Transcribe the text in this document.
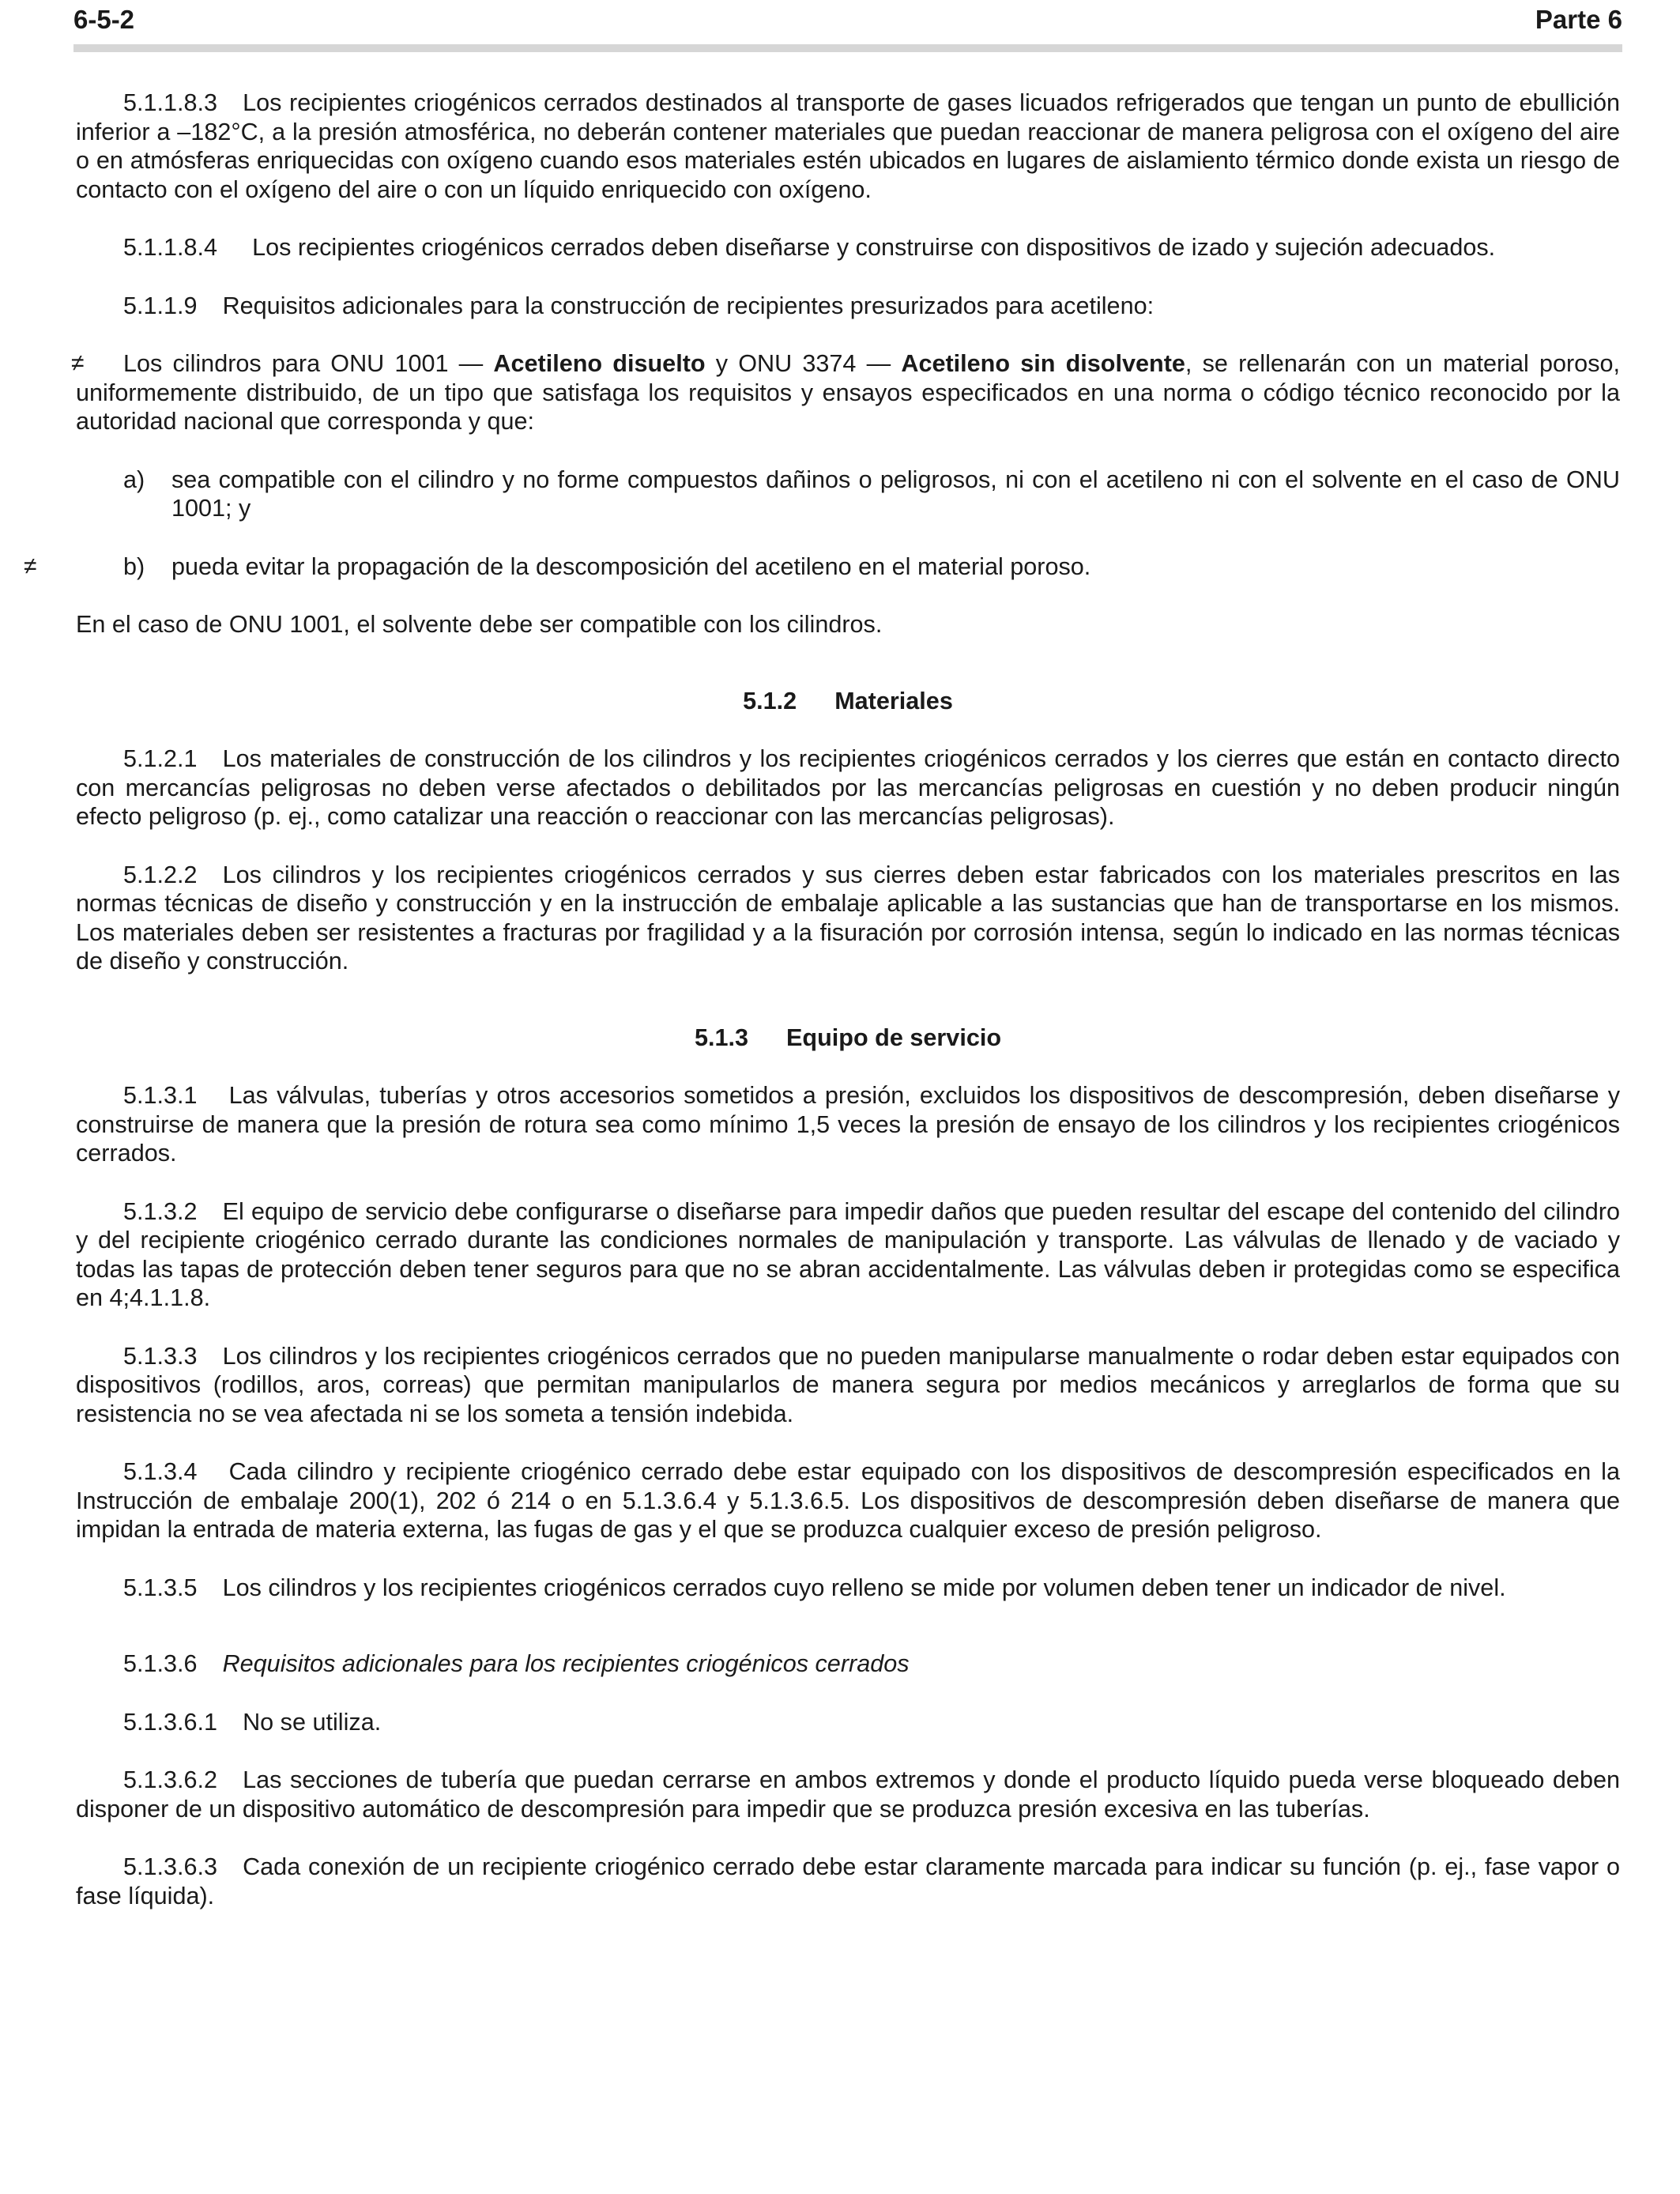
6-5-2	Parte 6

5.1.1.8.3 Los recipientes criogénicos cerrados destinados al transporte de gases licuados refrigerados que tengan un punto de ebullición inferior a –182°C, a la presión atmosférica, no deberán contener materiales que puedan reaccionar de manera peligrosa con el oxígeno del aire o en atmósferas enriquecidas con oxígeno cuando esos materiales estén ubicados en lugares de aislamiento térmico donde exista un riesgo de contacto con el oxígeno del aire o con un líquido enriquecido con oxígeno.

5.1.1.8.4 Los recipientes criogénicos cerrados deben diseñarse y construirse con dispositivos de izado y sujeción adecuados.

5.1.1.9 Requisitos adicionales para la construcción de recipientes presurizados para acetileno:

≠ Los cilindros para ONU 1001 — Acetileno disuelto y ONU 3374 — Acetileno sin disolvente, se rellenarán con un material poroso, uniformemente distribuido, de un tipo que satisfaga los requisitos y ensayos especificados en una norma o código técnico reconocido por la autoridad nacional que corresponda y que:

a) sea compatible con el cilindro y no forme compuestos dañinos o peligrosos, ni con el acetileno ni con el solvente en el caso de ONU 1001; y
≠	b) pueda evitar la propagación de la descomposición del acetileno en el material poroso.

En el caso de ONU 1001, el solvente debe ser compatible con los cilindros.

5.1.2 Materiales

5.1.2.1 Los materiales de construcción de los cilindros y los recipientes criogénicos cerrados y los cierres que están en contacto directo con mercancías peligrosas no deben verse afectados o debilitados por las mercancías peligrosas en cuestión y no deben producir ningún efecto peligroso (p. ej., como catalizar una reacción o reaccionar con las mercancías peligrosas).

5.1.2.2 Los cilindros y los recipientes criogénicos cerrados y sus cierres deben estar fabricados con los materiales prescritos en las normas técnicas de diseño y construcción y en la instrucción de embalaje aplicable a las sustancias que han de transportarse en los mismos. Los materiales deben ser resistentes a fracturas por fragilidad y a la fisuración por corrosión intensa, según lo indicado en las normas técnicas de diseño y construcción.

5.1.3 Equipo de servicio

5.1.3.1 Las válvulas, tuberías y otros accesorios sometidos a presión, excluidos los dispositivos de descompresión, deben diseñarse y construirse de manera que la presión de rotura sea como mínimo 1,5 veces la presión de ensayo de los cilindros y los recipientes criogénicos cerrados.

5.1.3.2 El equipo de servicio debe configurarse o diseñarse para impedir daños que pueden resultar del escape del contenido del cilindro y del recipiente criogénico cerrado durante las condiciones normales de manipulación y transporte. Las válvulas de llenado y de vaciado y todas las tapas de protección deben tener seguros para que no se abran accidentalmente. Las válvulas deben ir protegidas como se especifica en 4;4.1.1.8.

5.1.3.3 Los cilindros y los recipientes criogénicos cerrados que no pueden manipularse manualmente o rodar deben estar equipados con dispositivos (rodillos, aros, correas) que permitan manipularlos de manera segura por medios mecánicos y arreglarlos de forma que su resistencia no se vea afectada ni se los someta a tensión indebida.

5.1.3.4 Cada cilindro y recipiente criogénico cerrado debe estar equipado con los dispositivos de descompresión especificados en la Instrucción de embalaje 200(1), 202 ó 214 o en 5.1.3.6.4 y 5.1.3.6.5. Los dispositivos de descompresión deben diseñarse de manera que impidan la entrada de materia externa, las fugas de gas y el que se produzca cualquier exceso de presión peligroso.

5.1.3.5 Los cilindros y los recipientes criogénicos cerrados cuyo relleno se mide por volumen deben tener un indicador de nivel.

5.1.3.6 Requisitos adicionales para los recipientes criogénicos cerrados

5.1.3.6.1 No se utiliza.

5.1.3.6.2 Las secciones de tubería que puedan cerrarse en ambos extremos y donde el producto líquido pueda verse bloqueado deben disponer de un dispositivo automático de descompresión para impedir que se produzca presión excesiva en las tuberías.

5.1.3.6.3 Cada conexión de un recipiente criogénico cerrado debe estar claramente marcada para indicar su función (p. ej., fase vapor o fase líquida).
